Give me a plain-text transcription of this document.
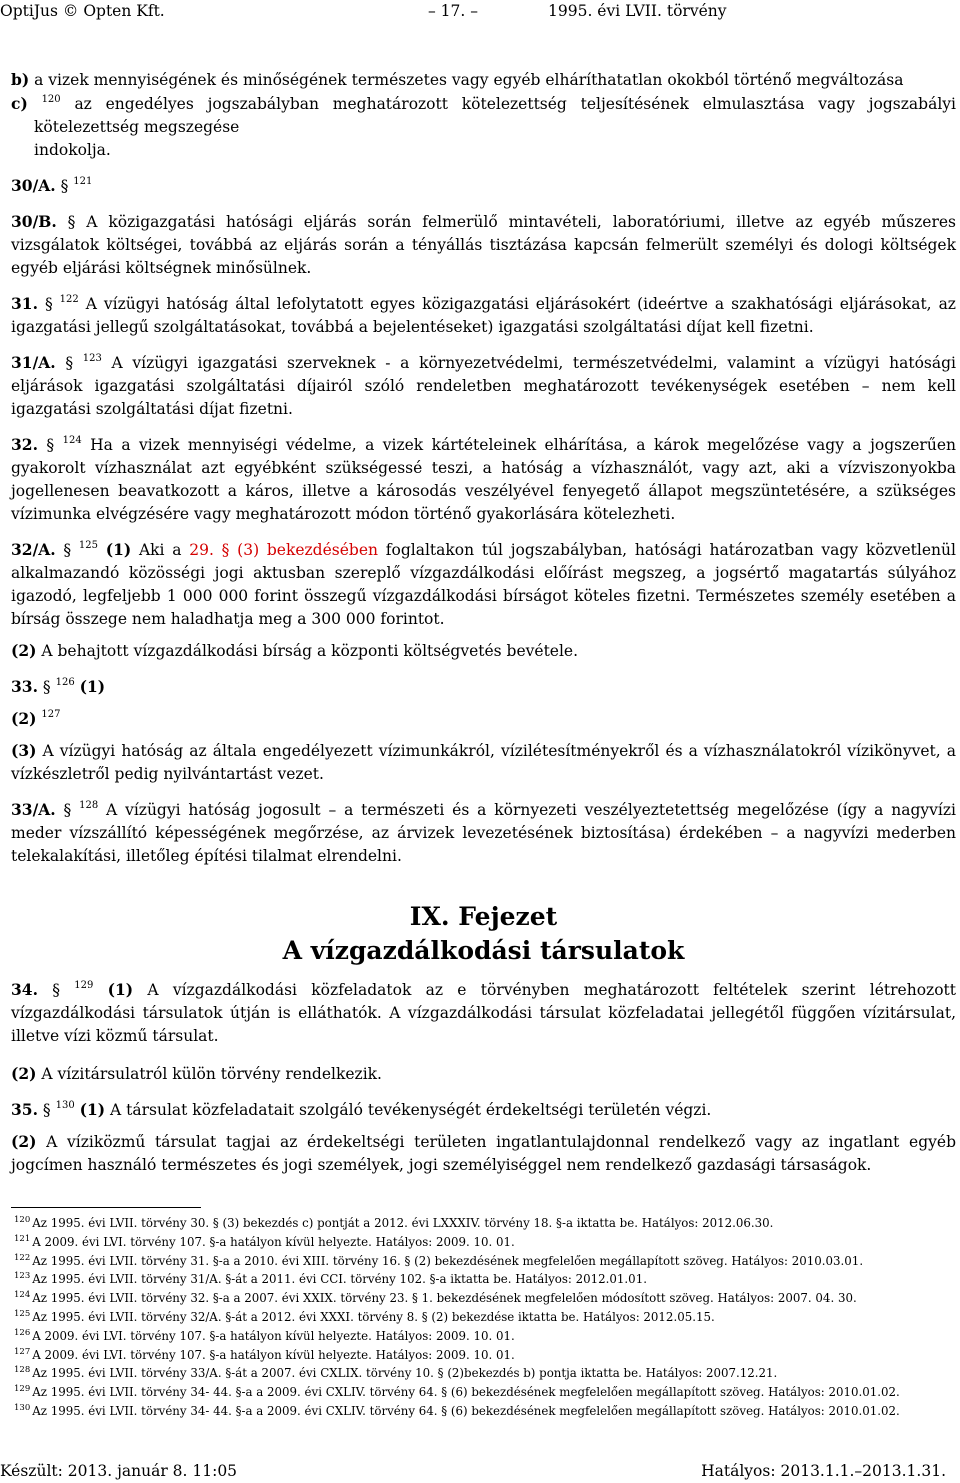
OptiJus © Opten Kft.	– 17. –	1995. évi LVII. törvény

b) a vizek mennyiségének és minőségének természetes vagy egyéb elháríthatatlan okokból történő megváltozása

c) $^{120}$ az engedélyes jogszabályban meghatározott kötelezettség teljesítésének elmulasztása vagy jogszabályi kötelezettség megszegése

indokolja.

30/A. § $^{121}$

30/B. § A közigazgatási hatósági eljárás során felmerülő mintavételi, laboratóriumi, illetve az egyéb műszeres vizsgálatok költségei, továbbá az eljárás során a tényállás tisztázása kapcsán felmerült személyi és dologi költségek egyéb eljárási költségnek minősülnek.

31. § $^{122}$ A vízügyi hatóság által lefolytatott egyes közigazgatási eljárásokért (ideértve a szakhatósági eljárásokat, az igazgatási jellegű szolgáltatásokat, továbbá a bejelentéseket) igazgatási szolgáltatási díjat kell fizetni.

31/A. § $^{123}$ A vízügyi igazgatási szerveknek - a környezetvédelmi, természetvédelmi, valamint a vízügyi hatósági eljárások igazgatási szolgáltatási díjairól szóló rendeletben meghatározott tevékenységek esetében – nem kell igazgatási szolgáltatási díjat fizetni.

32. § $^{124}$ Ha a vizek mennyiségi védelme, a vizek kártételeinek elhárítása, a károk megelőzése vagy a jogszerűen gyakorolt vízhasználat azt egyébként szükségessé teszi, a hatóság a vízhasználót, vagy azt, aki a vízviszonyokba jogellenesen beavatkozott a káros, illetve a károsodás veszélyével fenyegető állapot megszüntetésére, a szükséges vízimunka elvégzésére vagy meghatározott módon történő gyakorlására kötelezheti.

32/A. § $^{125}$ (1) Aki a 29. § (3) bekezdésében foglaltakon túl jogszabályban, hatósági határozatban vagy közvetlenül alkalmazandó közösségi jogi aktusban szereplő vízgazdálkodási előírást megszeg, a jogsértő magatartás súlyához igazodó, legfeljebb 1 000 000 forint összegű vízgazdálkodási bírságot köteles fizetni. Természetes személy esetében a bírság összege nem haladhatja meg a 300 000 forintot.

(2) A behajtott vízgazdálkodási bírság a központi költségvetés bevétele.

33. § $^{126}$ (1)

(2) $^{127}$

(3) A vízügyi hatóság az általa engedélyezett vízimunkákról, vízilétesítményekről és a vízhasználatokról vízikönyvet, a vízkészletről pedig nyilvántartást vezet.

33/A. § $^{128}$ A vízügyi hatóság jogosult – a természeti és a környezeti veszélyeztetettség megelőzése (így a nagyvízi meder vízszállító képességének megőrzése, az árvizek levezetésének biztosítása) érdekében – a nagyvízi mederben telekalakítási, illetőleg építési tilalmat elrendelni.

IX. Fejezet
A vízgazdálkodási társulatok

34. § $^{129}$ (1) A vízgazdálkodási közfeladatok az e törvényben meghatározott feltételek szerint létrehozott vízgazdálkodási társulatok útján is elláthatók. A vízgazdálkodási társulat közfeladatai jellegétől függően vízitársulat, illetve vízi közmű társulat.

(2) A vízitársulatról külön törvény rendelkezik.

35. § $^{130}$ (1) A társulat közfeladatait szolgáló tevékenységét érdekeltségi területén végzi.

(2) A víziközmű társulat tagjai az érdekeltségi területen ingatlantulajdonnal rendelkező vagy az ingatlant egyéb jogcímen használó természetes és jogi személyek, jogi személyiséggel nem rendelkező gazdasági társaságok.

$^{120}$ Az 1995. évi LVII. törvény 30. § (3) bekezdés c) pontját a 2012. évi LXXXIV. törvény 18. §-a iktatta be. Hatályos: 2012.06.30.
$^{121}$ A 2009. évi LVI. törvény 107. §-a hatályon kívül helyezte. Hatályos: 2009. 10. 01.
$^{122}$ Az 1995. évi LVII. törvény 31. §-a a 2010. évi XIII. törvény 16. § (2) bekezdésének megfelelően megállapított szöveg. Hatályos: 2010.03.01.
$^{123}$ Az 1995. évi LVII. törvény 31/A. §-át a 2011. évi CCI. törvény 102. §-a iktatta be. Hatályos: 2012.01.01.
$^{124}$ Az 1995. évi LVII. törvény 32. §-a a 2007. évi XXIX. törvény 23. § 1. bekezdésének megfelelően módosított szöveg. Hatályos: 2007. 04. 30.
$^{125}$ Az 1995. évi LVII. törvény 32/A. §-át a 2012. évi XXXI. törvény 8. § (2) bekezdése iktatta be. Hatályos: 2012.05.15.
$^{126}$ A 2009. évi LVI. törvény 107. §-a hatályon kívül helyezte. Hatályos: 2009. 10. 01.
$^{127}$ A 2009. évi LVI. törvény 107. §-a hatályon kívül helyezte. Hatályos: 2009. 10. 01.
$^{128}$ Az 1995. évi LVII. törvény 33/A. §-át a 2007. évi CXLIX. törvény 10. § (2)bekezdés b) pontja iktatta be. Hatályos: 2007.12.21.
$^{129}$ Az 1995. évi LVII. törvény 34- 44. §-a a 2009. évi CXLIV. törvény 64. § (6) bekezdésének megfelelően megállapított szöveg. Hatályos: 2010.01.02.
$^{130}$ Az 1995. évi LVII. törvény 34- 44. §-a a 2009. évi CXLIV. törvény 64. § (6) bekezdésének megfelelően megállapított szöveg. Hatályos: 2010.01.02.
Készült: 2013. január 8. 11:05	Hatályos: 2013.1.1.–2013.1.31.
